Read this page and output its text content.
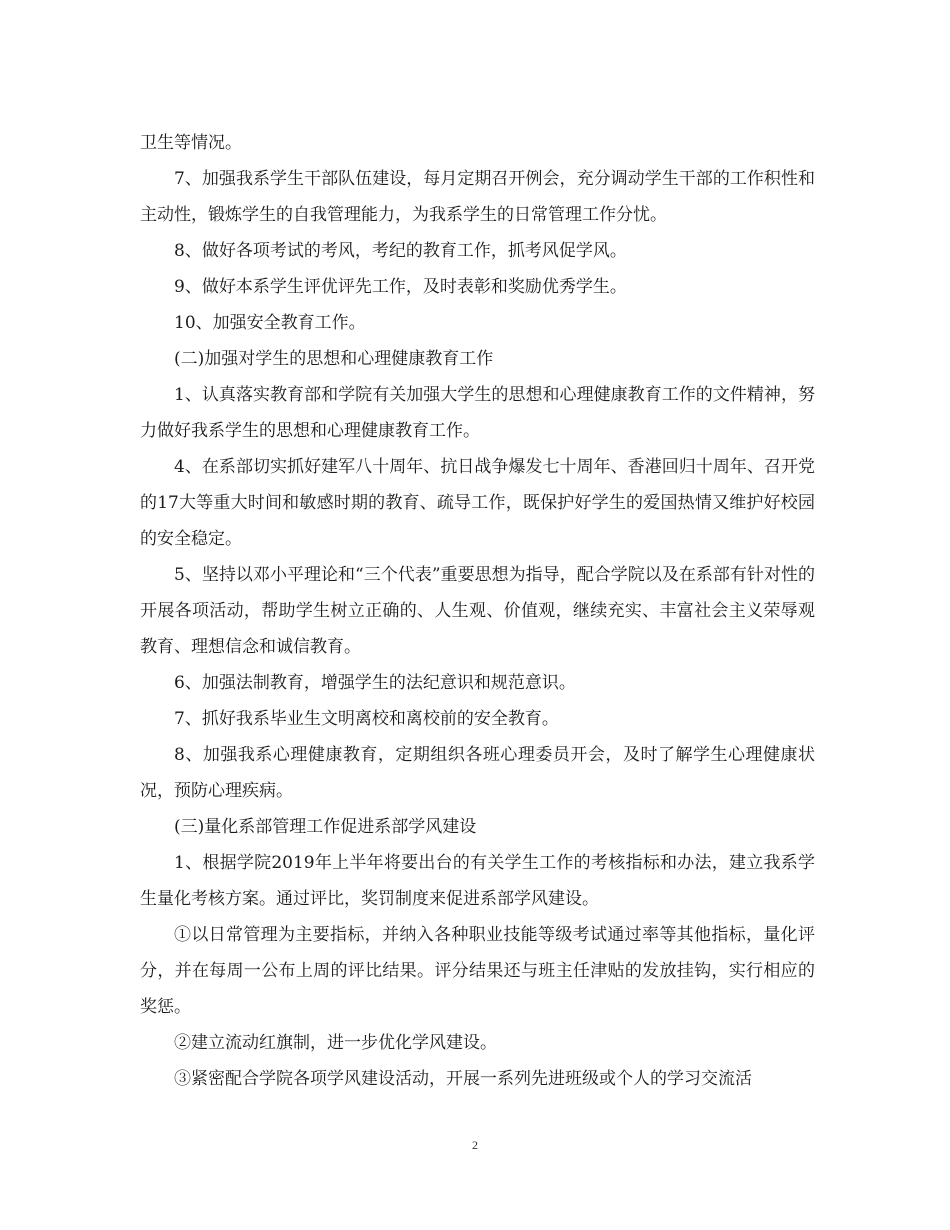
卫生等情况。

7、加强我系学生干部队伍建设，每月定期召开例会，充分调动学生干部的工作积性和主动性，锻炼学生的自我管理能力，为我系学生的日常管理工作分忧。

8、做好各项考试的考风，考纪的教育工作，抓考风促学风。

9、做好本系学生评优评先工作，及时表彰和奖励优秀学生。

10、加强安全教育工作。

(二)加强对学生的思想和心理健康教育工作

1、认真落实教育部和学院有关加强大学生的思想和心理健康教育工作的文件精神，努力做好我系学生的思想和心理健康教育工作。

4、在系部切实抓好建军八十周年、抗日战争爆发七十周年、香港回归十周年、召开党的17大等重大时间和敏感时期的教育、疏导工作，既保护好学生的爱国热情又维护好校园的安全稳定。

5、坚持以邓小平理论和“三个代表”重要思想为指导，配合学院以及在系部有针对性的开展各项活动，帮助学生树立正确的、人生观、价值观，继续充实、丰富社会主义荣辱观教育、理想信念和诚信教育。

6、加强法制教育，增强学生的法纪意识和规范意识。

7、抓好我系毕业生文明离校和离校前的安全教育。

8、加强我系心理健康教育，定期组织各班心理委员开会，及时了解学生心理健康状况，预防心理疾病。

(三)量化系部管理工作促进系部学风建设

1、根据学院2019年上半年将要出台的有关学生工作的考核指标和办法，建立我系学生量化考核方案。通过评比，奖罚制度来促进系部学风建设。

①以日常管理为主要指标，并纳入各种职业技能等级考试通过率等其他指标，量化评分，并在每周一公布上周的评比结果。评分结果还与班主任津贴的发放挂钩，实行相应的奖惩。

②建立流动红旗制，进一步优化学风建设。

③紧密配合学院各项学风建设活动，开展一系列先进班级或个人的学习交流活

2
